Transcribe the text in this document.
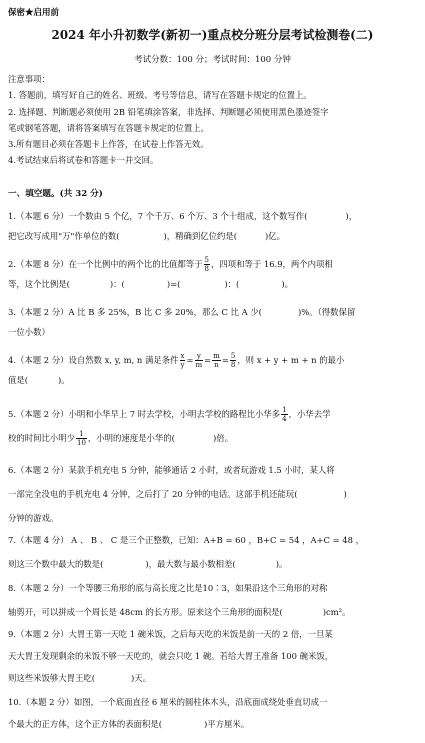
保密★启用前
2024 年小升初数学(新初一)重点校分班分层考试检测卷(二)
考试分数：100 分；考试时间：100 分钟
注意事项：
1. 答题前，填写好自己的姓名、班级、考号等信息，请写在答题卡规定的位置上。
2. 选择题、判断题必须使用 2B 铅笔填涂答案，非选择、判断题必须使用黑色墨迹签字
笔或钢笔答题，请将答案填写在答题卡规定的位置上。
3.所有题目必须在答题卡上作答，在试卷上作答无效。
4.考试结束后将试卷和答题卡一并交回。
一、填空题。(共 32 分)
1.（本题 6 分）一个数由 5 个亿，7 个千万、6 个万、3 个十组成，这个数写作(	)，
把它改写成用"万"作单位的数(	)，精确到亿位约是(	)亿。
2.（本题 8 分）在一个比例中的两个比的比值都等于 $\frac{5}{8}$ ，四项和等于 16.9，两个内项相
等，这个比例是(	)：(	)=(	)：(	)。
3.（本题 2 分）A 比 B 多 25%，B 比 C 多 20%，那么 C 比 A 少(	)%。（得数保留
一位小数）
4.（本题 2 分）设自然数 x, y, m, n 满足条件 $\frac{x}{y} = \frac{y}{m} = \frac{m}{n} = \frac{5}{8}$ ，则 x + y + m + n 的最小
值是(	)。
5.（本题 2 分）小明和小华早上 7 时去学校，小明去学校的路程比小华多 $\frac{1}{4}$ ，小华去学
校的时间比小明少 $\frac{1}{10}$ ，小明的速度是小华的(	)倍。
6.（本题 2 分）某款手机充电 5 分钟，能够通话 2 小时，或者玩游戏 1.5 小时，某人将
一部完全没电的手机充电 4 分钟，之后打了 20 分钟的电话。这部手机还能玩(	)
分钟的游戏。
7.（本题 4 分） A 、 B 、 C 是三个正整数，已知：A+B = 60 ，B+C = 54 ，A+C = 48 ，
则这三个数中最大的数是(	)，最大数与最小数相差(	)。
8.（本题 2 分）一个等腰三角形的底与高长度之比是10∶3，如果沿这个三角形的对称
轴剪开，可以拼成一个周长是 48cm 的长方形。原来这个三角形的面积是(	)cm²。
9.（本题 2 分）大胃王第一天吃 1 碗米饭，之后每天吃的米饭是前一天的 2 倍，一旦某
天大胃王发现剩余的米饭不够一天吃的，就会只吃 1 碗。若给大胃王准备 100 碗米饭，
则这些米饭够大胃王吃(	)天。
10.（本题 2 分）如图，一个底面直径 6 厘米的圆柱体木头，沿底面成绕处垂直切成一
个最大的正方体，这个正方体的表面积是(	)平方厘米。
